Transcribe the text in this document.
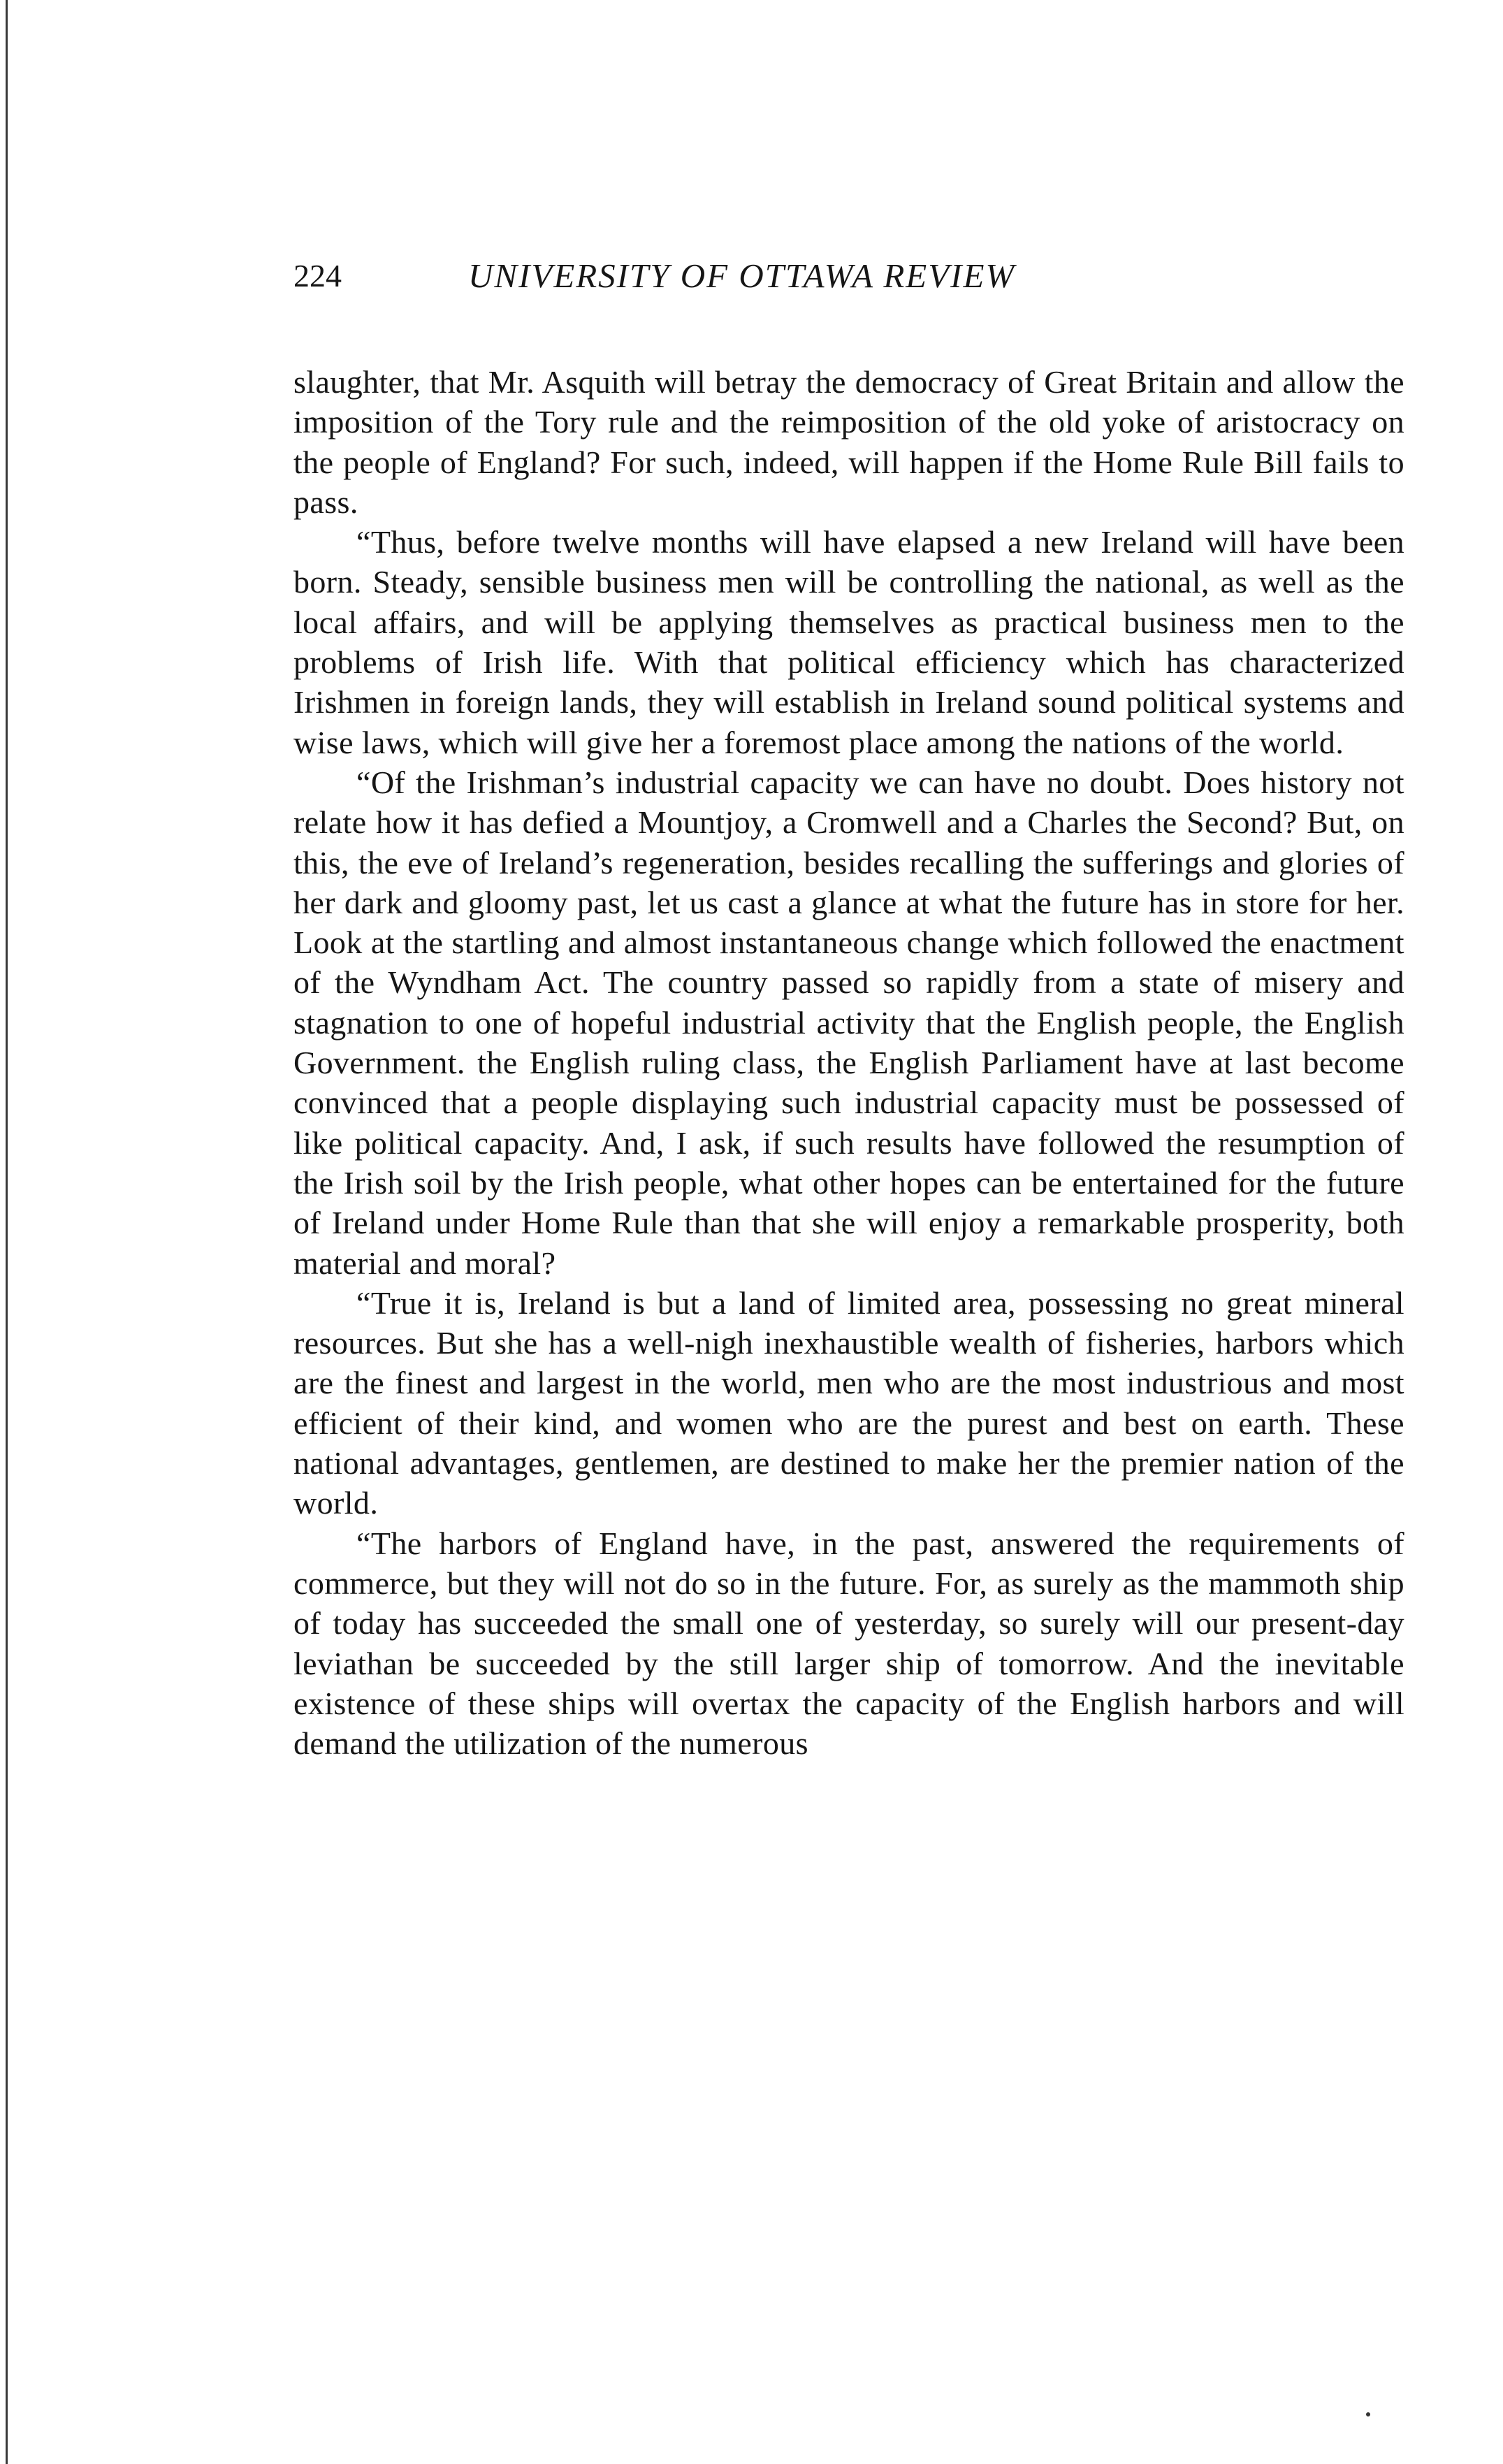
224	UNIVERSITY OF OTTAWA REVIEW

slaughter, that Mr. Asquith will betray the democracy of Great Britain and allow the imposition of the Tory rule and the reimposition of the old yoke of aristocracy on the people of England? For such, indeed, will happen if the Home Rule Bill fails to pass.

“Thus, before twelve months will have elapsed a new Ireland will have been born. Steady, sensible business men will be controlling the national, as well as the local affairs, and will be applying themselves as practical business men to the problems of Irish life. With that political efficiency which has characterized Irishmen in foreign lands, they will establish in Ireland sound political systems and wise laws, which will give her a foremost place among the nations of the world.

“Of the Irishman’s industrial capacity we can have no doubt. Does history not relate how it has defied a Mountjoy, a Cromwell and a Charles the Second? But, on this, the eve of Ireland’s regeneration, besides recalling the sufferings and glories of her dark and gloomy past, let us cast a glance at what the future has in store for her. Look at the startling and almost instantaneous change which followed the enactment of the Wyndham Act. The country passed so rapidly from a state of misery and stagnation to one of hopeful industrial activity that the English people, the English Government. the English ruling class, the English Parliament have at last become convinced that a people displaying such industrial capacity must be possessed of like political capacity. And, I ask, if such results have followed the resumption of the Irish soil by the Irish people, what other hopes can be entertained for the future of Ireland under Home Rule than that she will enjoy a remarkable prosperity, both material and moral?

“True it is, Ireland is but a land of limited area, possessing no great mineral resources. But she has a well-nigh inexhaustible wealth of fisheries, harbors which are the finest and largest in the world, men who are the most industrious and most efficient of their kind, and women who are the purest and best on earth. These national advantages, gentlemen, are destined to make her the premier nation of the world.

“The harbors of England have, in the past, answered the requirements of commerce, but they will not do so in the future. For, as surely as the mammoth ship of today has succeeded the small one of yesterday, so surely will our present-day leviathan be succeeded by the still larger ship of tomorrow. And the inevitable existence of these ships will overtax the capacity of the English harbors and will demand the utilization of the numerous
